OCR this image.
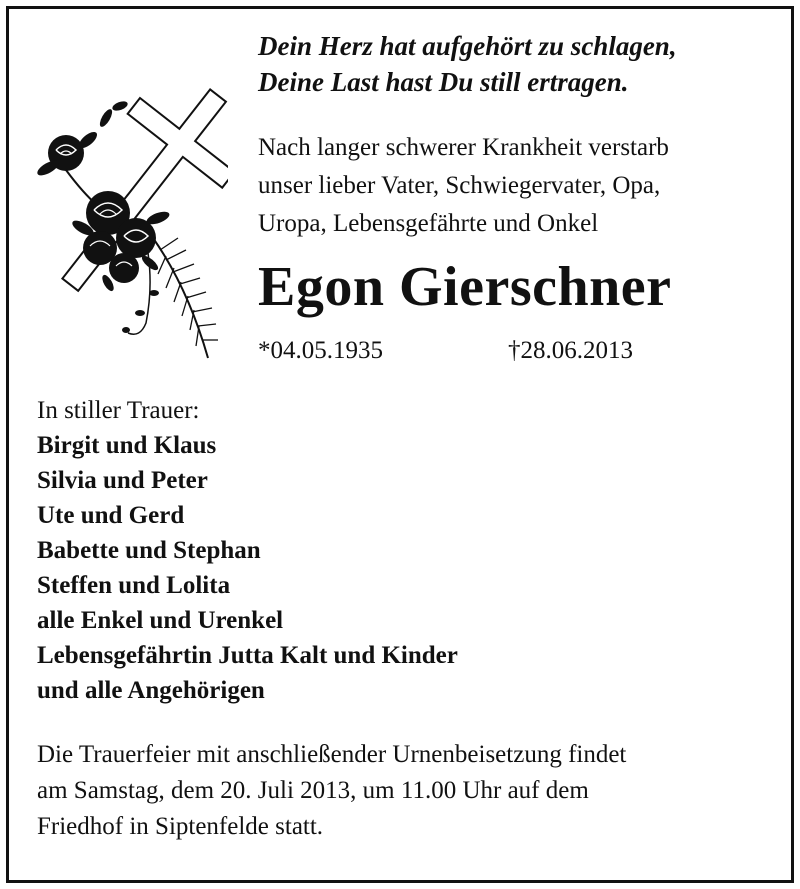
Dein Herz hat aufgehört zu schlagen,
Deine Last hast Du still ertragen.
Nach langer schwerer Krankheit verstarb
unser lieber Vater, Schwiegervater, Opa,
Uropa, Lebensgefährte und Onkel
Egon Gierschner
*04.05.1935	†28.06.2013
In stiller Trauer:
Birgit und Klaus
Silvia und Peter
Ute und Gerd
Babette und Stephan
Steffen und Lolita
alle Enkel und Urenkel
Lebensgefährtin Jutta Kalt und Kinder
und alle Angehörigen
Die Trauerfeier mit anschließender Urnenbeisetzung findet
am Samstag, dem 20. Juli 2013, um 11.00 Uhr auf dem
Friedhof in Siptenfelde statt.
